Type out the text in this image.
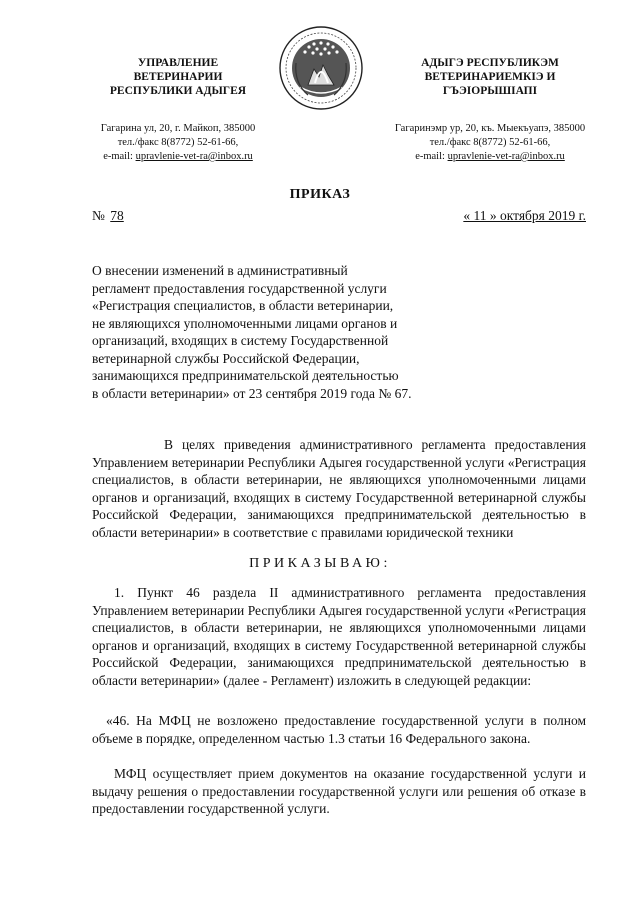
УПРАВЛЕНИЕ
ВЕТЕРИНАРИИ
РЕСПУБЛИКИ АДЫГЕЯ
Гагарина ул, 20, г. Майкоп, 385000
тел./факс 8(8772) 52-61-66,
e-mail: upravlenie-vet-ra@inbox.ru
АДЫГЭ РЕСПУБЛИКЭМ
ВЕТЕРИНАРИЕМКIЭ И
ГЪЭIОРЫШIАПI
Гагаринэмр ур, 20, къ. Мыекъуапэ, 385000
тел./факс 8(8772) 52-61-66,
e-mail: upravlenie-vet-ra@inbox.ru
ПРИКАЗ
№ 78	« 11 » октября 2019 г.
О внесении изменений в административный
регламент предоставления государственной услуги
«Регистрация специалистов, в области ветеринарии,
не являющихся уполномоченными лицами органов и
организаций, входящих в систему Государственной
ветеринарной службы Российской Федерации,
занимающихся предпринимательской деятельностью
в области ветеринарии» от 23 сентября 2019 года № 67.
В целях приведения административного регламента предоставления Управлением ветеринарии Республики Адыгея государственной услуги «Регистрация специалистов, в области ветеринарии, не являющихся уполномоченными лицами органов и организаций, входящих в систему Государственной ветеринарной службы Российской Федерации, занимающихся предпринимательской деятельностью в области ветеринарии» в соответствие с правилами юридической техники
ПРИКАЗЫВАЮ:
1. Пункт 46 раздела II административного регламента предоставления Управлением ветеринарии Республики Адыгея государственной услуги «Регистрация специалистов, в области ветеринарии, не являющихся уполномоченными лицами органов и организаций, входящих в систему Государственной ветеринарной службы Российской Федерации, занимающихся предпринимательской деятельностью в области ветеринарии» (далее - Регламент) изложить в следующей редакции:
«46. На МФЦ не возложено предоставление государственной услуги в полном объеме в порядке, определенном частью 1.3 статьи 16 Федерального закона.
МФЦ осуществляет прием документов на оказание государственной услуги и выдачу решения о предоставлении государственной услуги или решения об отказе в предоставлении государственной услуги.
